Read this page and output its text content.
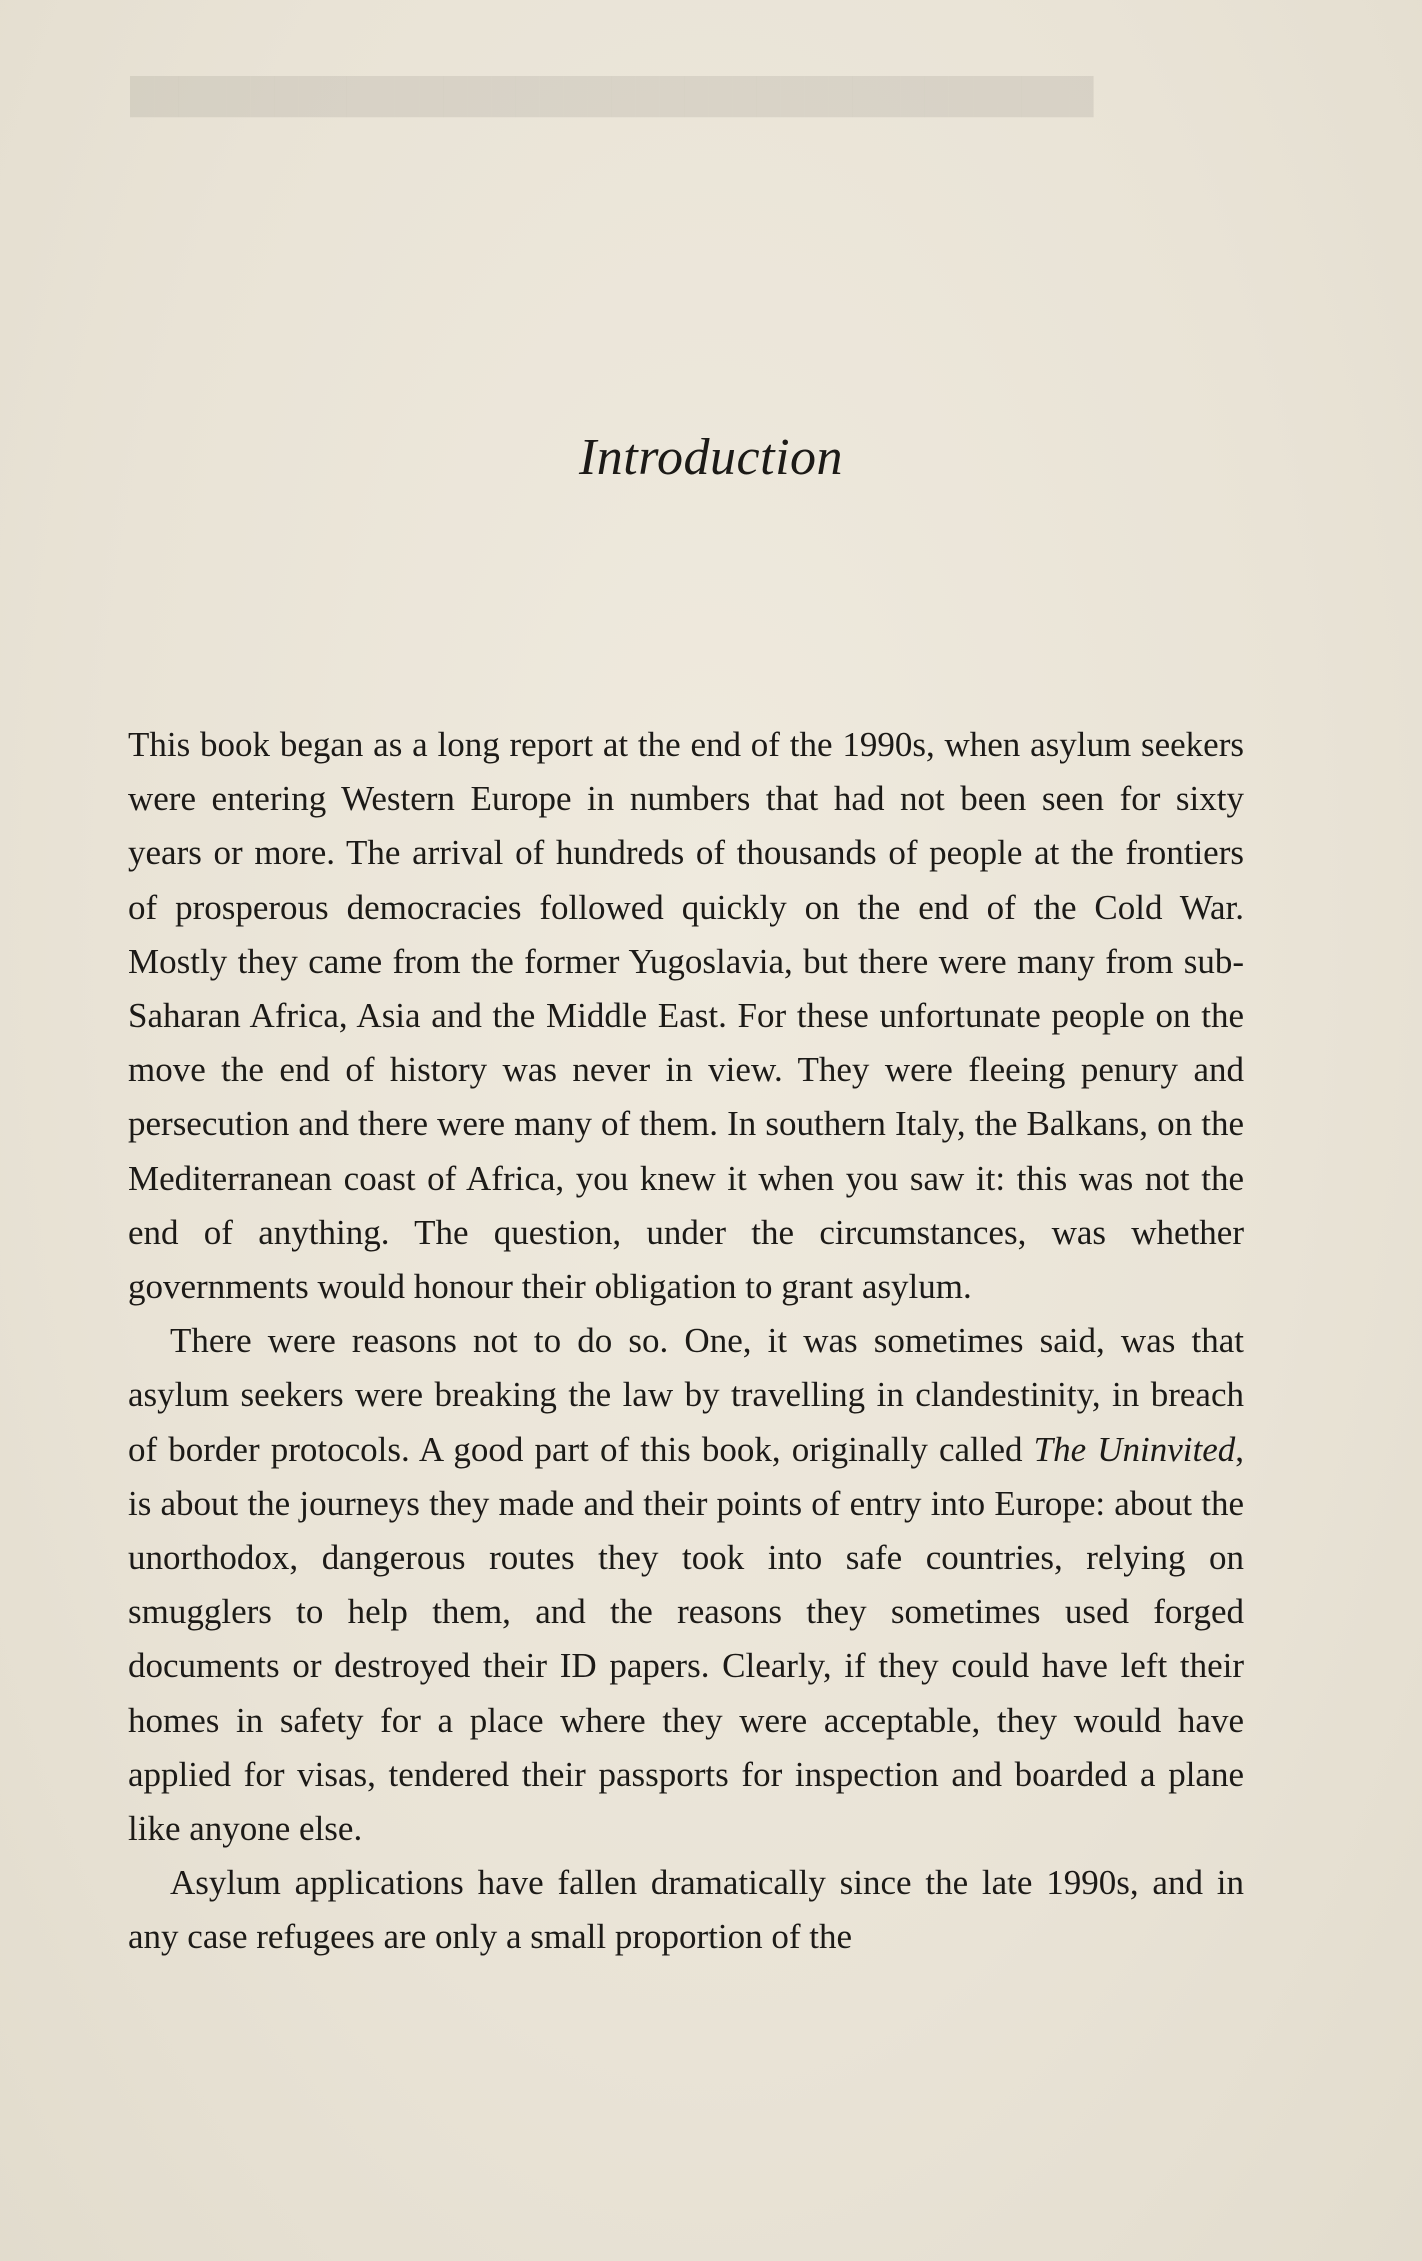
████████████████████████████████████████
Introduction

This book began as a long report at the end of the 1990s, when asylum seekers were entering Western Europe in numbers that had not been seen for sixty years or more. The arrival of hundreds of thousands of people at the frontiers of prosperous democracies followed quickly on the end of the Cold War. Mostly they came from the former Yugoslavia, but there were many from sub-Saharan Africa, Asia and the Middle East. For these unfortunate people on the move the end of history was never in view. They were fleeing penury and persecution and there were many of them. In southern Italy, the Balkans, on the Mediterranean coast of Africa, you knew it when you saw it: this was not the end of anything. The question, under the circumstances, was whether governments would honour their obligation to grant asylum.

There were reasons not to do so. One, it was sometimes said, was that asylum seekers were breaking the law by travelling in clandestinity, in breach of border protocols. A good part of this book, originally called The Uninvited, is about the journeys they made and their points of entry into Europe: about the unorthodox, dangerous routes they took into safe countries, relying on smugglers to help them, and the reasons they sometimes used forged documents or destroyed their ID papers. Clearly, if they could have left their homes in safety for a place where they were acceptable, they would have applied for visas, tendered their passports for inspection and boarded a plane like anyone else.

Asylum applications have fallen dramatically since the late 1990s, and in any case refugees are only a small proportion of the
